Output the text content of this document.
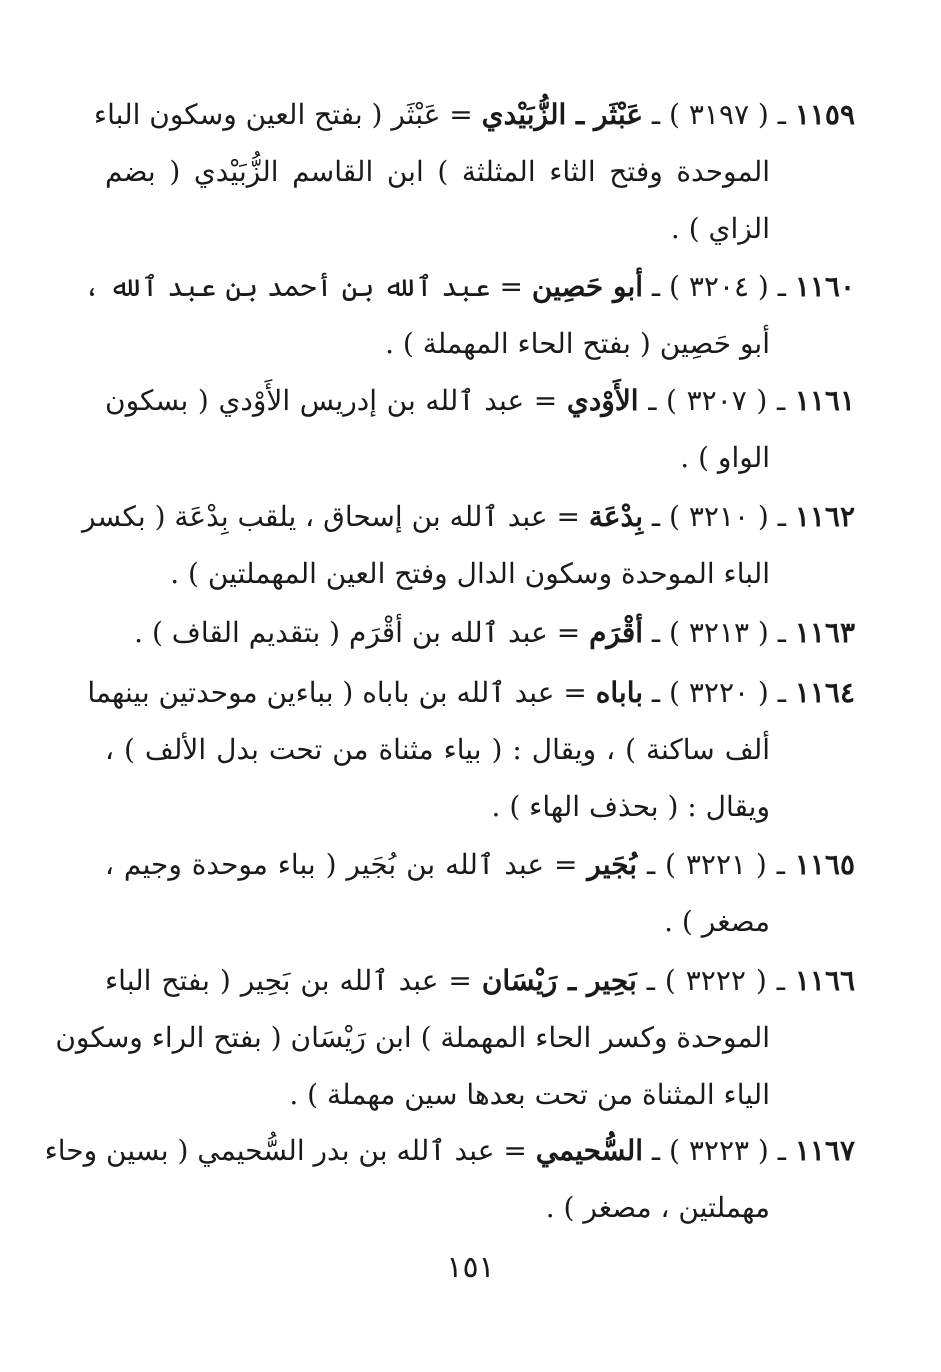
١١٥٩ ـ ( ٣١٩٧ ) ـ عَبْثَر ـ الزُّبَيْدي = عَبْثَر ( بفتح العين وسكون الباء
الموحدة وفتح الثاء المثلثة ) ابن القاسم الزُّبَيْدي ( بضم
الزاي ) .
١١٦٠ ـ ( ٣٢٠٤ ) ـ أبو حَصِين = عبد ٱلله بن أحمد بن عبد ٱلله ،
أبو حَصِين ( بفتح الحاء المهملة ) .
١١٦١ ـ ( ٣٢٠٧ ) ـ الأَوْدي = عبد ٱلله بن إدريس الأَوْدي ( بسكون
الواو ) .
١١٦٢ ـ ( ٣٢١٠ ) ـ بِدْعَة = عبد ٱلله بن إسحاق ، يلقب بِدْعَة ( بكسر
الباء الموحدة وسكون الدال وفتح العين المهملتين ) .
١١٦٣ ـ ( ٣٢١٣ ) ـ أقْرَم = عبد ٱلله بن أقْرَم ( بتقديم القاف ) .
١١٦٤ ـ ( ٣٢٢٠ ) ـ باباه = عبد ٱلله بن باباه ( بباءين موحدتين بينهما
ألف ساكنة ) ، ويقال : ( بياء مثناة من تحت بدل الألف ) ،
ويقال : ( بحذف الهاء ) .
١١٦٥ ـ ( ٣٢٢١ ) ـ بُجَير = عبد ٱلله بن بُجَير ( بباء موحدة وجيم ،
مصغر ) .
١١٦٦ ـ ( ٣٢٢٢ ) ـ بَحِير ـ رَيْسَان = عبد ٱلله بن بَحِير ( بفتح الباء
الموحدة وكسر الحاء المهملة ) ابن رَيْسَان ( بفتح الراء وسكون
الياء المثناة من تحت بعدها سين مهملة ) .
١١٦٧ ـ ( ٣٢٢٣ ) ـ السُّحيمي = عبد ٱلله بن بدر السُّحيمي ( بسين وحاء
مهملتين ، مصغر ) .
١٥١
